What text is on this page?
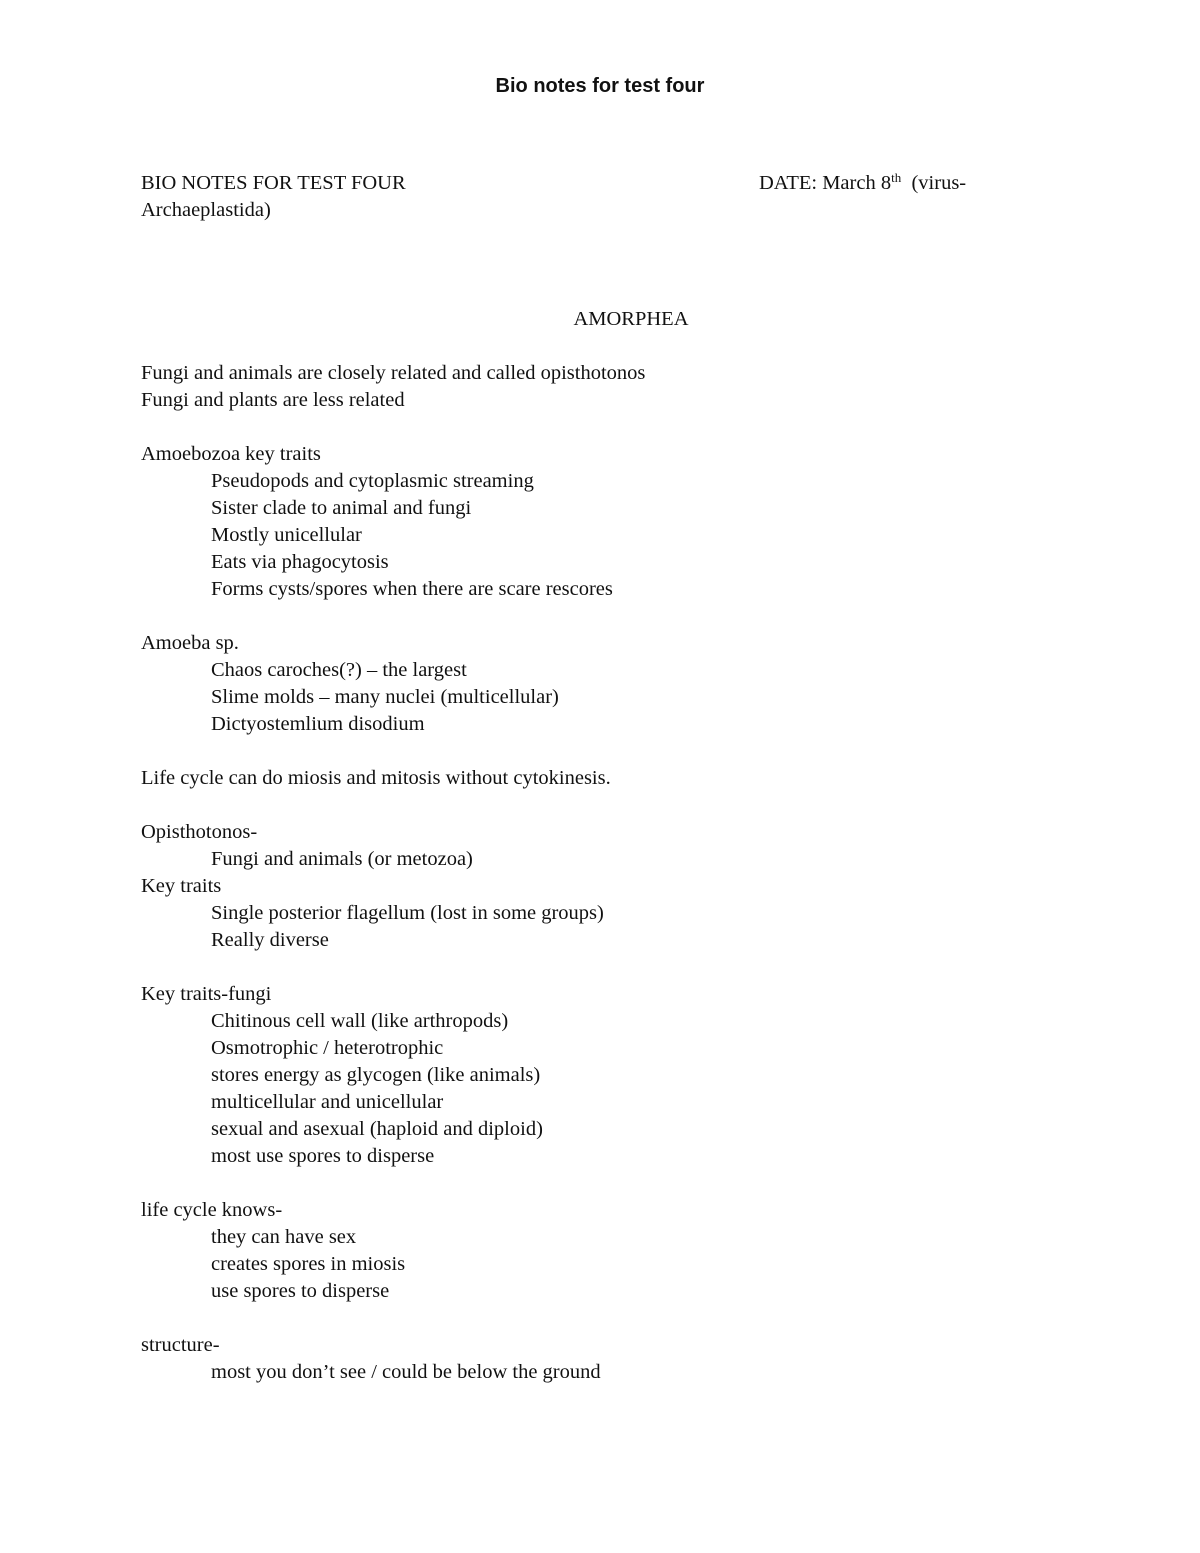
Bio notes for test four
BIO NOTES FOR TEST FOUR	DATE: March 8th  (virus-
Archaeplastida)
AMORPHEA
Fungi and animals are closely related and called opisthotonos
Fungi and plants are less related
Amoebozoa key traits
Pseudopods and cytoplasmic streaming
Sister clade to animal and fungi
Mostly unicellular
Eats via phagocytosis
Forms cysts/spores when there are scare rescores
Amoeba sp.
Chaos caroches(?) – the largest
Slime molds – many nuclei (multicellular)
Dictyostemlium disodium
Life cycle can do miosis and mitosis without cytokinesis.
Opisthotonos-
Fungi and animals (or metozoa)
Key traits
Single posterior flagellum (lost in some groups)
Really diverse
Key traits-fungi
Chitinous cell wall (like arthropods)
Osmotrophic / heterotrophic
stores energy as glycogen (like animals)
multicellular and unicellular
sexual and asexual (haploid and diploid)
most use spores to disperse
life cycle knows-
they can have sex
creates spores in miosis
use spores to disperse
structure-
most you don’t see / could be below the ground
